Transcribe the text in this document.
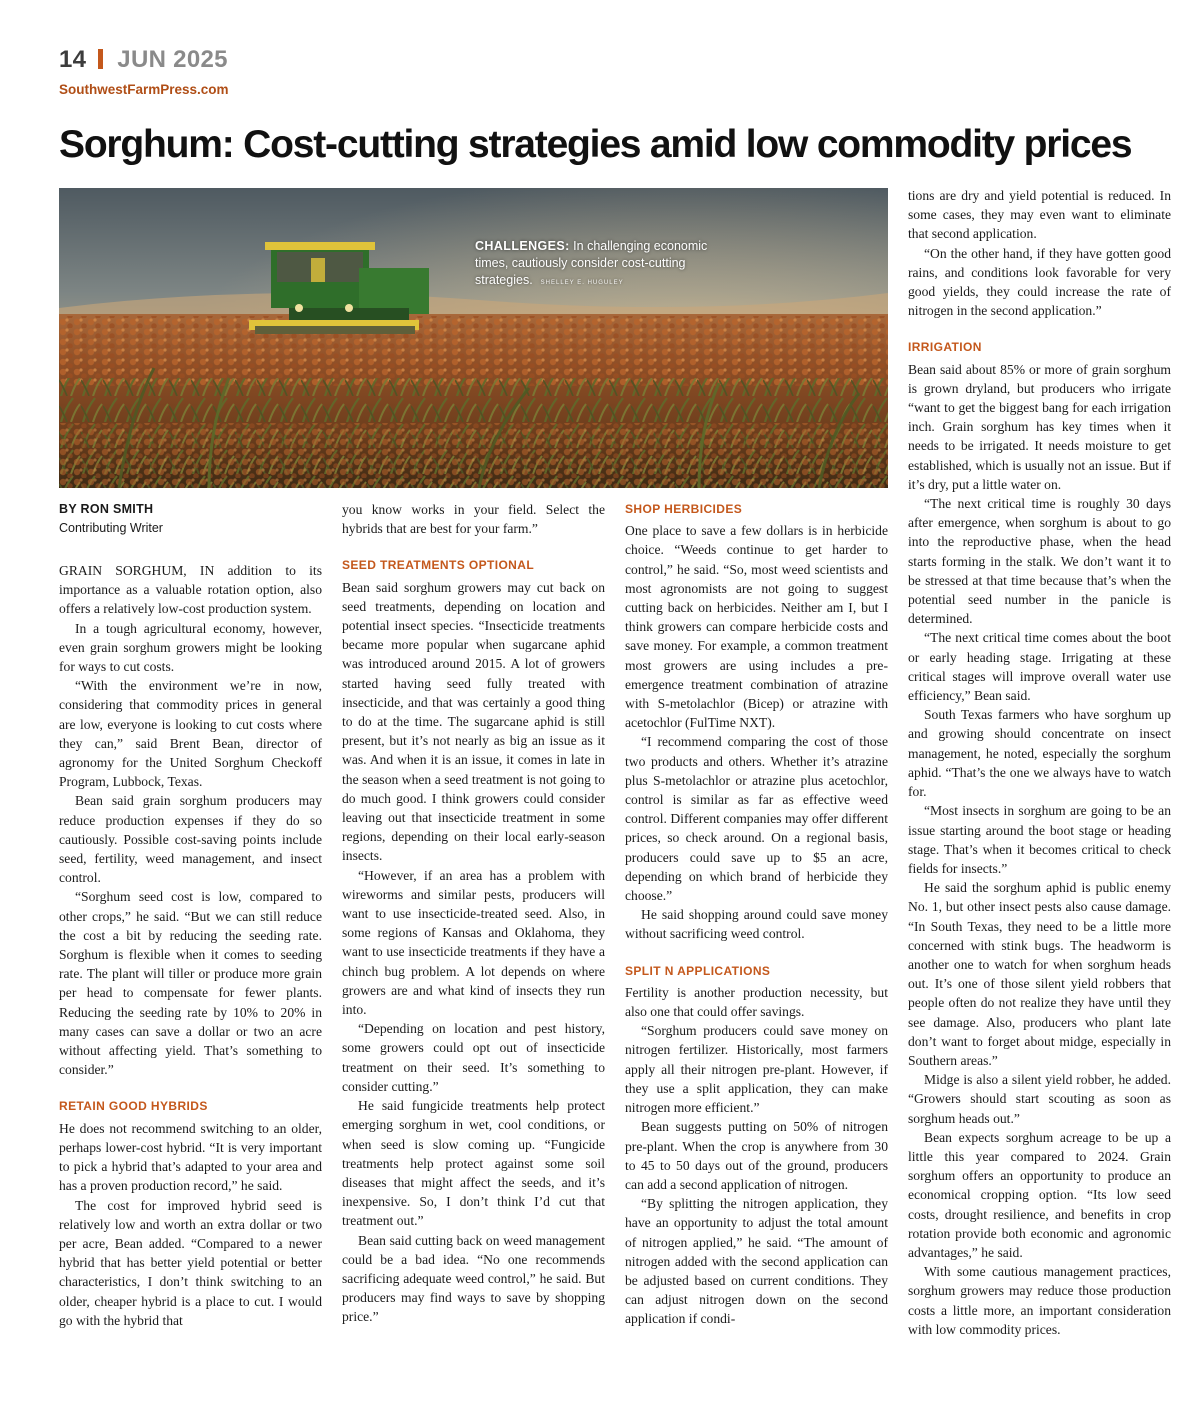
14 JUN 2025
SouthwestFarmPress.com
Sorghum: Cost-cutting strategies amid low commodity prices
CHALLENGES: In challenging economic times, cautiously consider cost-cutting strategies. SHELLEY E. HUGULEY
BY RON SMITH
Contributing Writer

GRAIN SORGHUM, IN addition to its importance as a valuable rotation option, also offers a relatively low-cost production system.

In a tough agricultural economy, however, even grain sorghum growers might be looking for ways to cut costs.

“With the environment we’re in now, considering that commodity prices in general are low, everyone is looking to cut costs where they can,” said Brent Bean, director of agronomy for the United Sorghum Checkoff Program, Lubbock, Texas.

Bean said grain sorghum producers may reduce production expenses if they do so cautiously. Possible cost-saving points include seed, fertility, weed management, and insect control.

“Sorghum seed cost is low, compared to other crops,” he said. “But we can still reduce the cost a bit by reducing the seeding rate. Sorghum is flexible when it comes to seeding rate. The plant will tiller or produce more grain per head to compensate for fewer plants. Reducing the seeding rate by 10% to 20% in many cases can save a dollar or two an acre without affecting yield. That’s something to consider.”

RETAIN GOOD HYBRIDS

He does not recommend switching to an older, perhaps lower-cost hybrid. “It is very important to pick a hybrid that’s adapted to your area and has a proven production record,” he said.

The cost for improved hybrid seed is relatively low and worth an extra dollar or two per acre, Bean added. “Compared to a newer hybrid that has better yield potential or better characteristics, I don’t think switching to an older, cheaper hybrid is a place to cut. I would go with the hybrid that

you know works in your field. Select the hybrids that are best for your farm.”

SEED TREATMENTS OPTIONAL

Bean said sorghum growers may cut back on seed treatments, depending on location and potential insect species. “Insecticide treatments became more popular when sugarcane aphid was introduced around 2015. A lot of growers started having seed fully treated with insecticide, and that was certainly a good thing to do at the time. The sugarcane aphid is still present, but it’s not nearly as big an issue as it was. And when it is an issue, it comes in late in the season when a seed treatment is not going to do much good. I think growers could consider leaving out that insecticide treatment in some regions, depending on their local early-season insects.

“However, if an area has a problem with wireworms and similar pests, producers will want to use insecticide-treated seed. Also, in some regions of Kansas and Oklahoma, they want to use insecticide treatments if they have a chinch bug problem. A lot depends on where growers are and what kind of insects they run into.

“Depending on location and pest history, some growers could opt out of insecticide treatment on their seed. It’s something to consider cutting.”

He said fungicide treatments help protect emerging sorghum in wet, cool conditions, or when seed is slow coming up. “Fungicide treatments help protect against some soil diseases that might affect the seeds, and it’s inexpensive. So, I don’t think I’d cut that treatment out.”

Bean said cutting back on weed management could be a bad idea. “No one recommends sacrificing adequate weed control,” he said. But producers may find ways to save by shopping price.”

SHOP HERBICIDES

One place to save a few dollars is in herbicide choice. “Weeds continue to get harder to control,” he said. “So, most weed scientists and most agronomists are not going to suggest cutting back on herbicides. Neither am I, but I think growers can compare herbicide costs and save money. For example, a common treatment most growers are using includes a pre-emergence treatment combination of atrazine with S-metolachlor (Bicep) or atrazine with acetochlor (FulTime NXT).

“I recommend comparing the cost of those two products and others. Whether it’s atrazine plus S-metolachlor or atrazine plus acetochlor, control is similar as far as effective weed control. Different companies may offer different prices, so check around. On a regional basis, producers could save up to $5 an acre, depending on which brand of herbicide they choose.”

He said shopping around could save money without sacrificing weed control.

SPLIT N APPLICATIONS

Fertility is another production necessity, but also one that could offer savings.

“Sorghum producers could save money on nitrogen fertilizer. Historically, most farmers apply all their nitrogen pre-plant. However, if they use a split application, they can make nitrogen more efficient.”

Bean suggests putting on 50% of nitrogen pre-plant. When the crop is anywhere from 30 to 45 to 50 days out of the ground, producers can add a second application of nitrogen.

“By splitting the nitrogen application, they have an opportunity to adjust the total amount of nitrogen applied,” he said. “The amount of nitrogen added with the second application can be adjusted based on current conditions. They can adjust nitrogen down on the second application if condi-

tions are dry and yield potential is reduced. In some cases, they may even want to eliminate that second application.

“On the other hand, if they have gotten good rains, and conditions look favorable for very good yields, they could increase the rate of nitrogen in the second application.”

IRRIGATION

Bean said about 85% or more of grain sorghum is grown dryland, but producers who irrigate “want to get the biggest bang for each irrigation inch. Grain sorghum has key times when it needs to be irrigated. It needs moisture to get established, which is usually not an issue. But if it’s dry, put a little water on.

“The next critical time is roughly 30 days after emergence, when sorghum is about to go into the reproductive phase, when the head starts forming in the stalk. We don’t want it to be stressed at that time because that’s when the potential seed number in the panicle is determined.

“The next critical time comes about the boot or early heading stage. Irrigating at these critical stages will improve overall water use efficiency,” Bean said.

South Texas farmers who have sorghum up and growing should concentrate on insect management, he noted, especially the sorghum aphid. “That’s the one we always have to watch for.

“Most insects in sorghum are going to be an issue starting around the boot stage or heading stage. That’s when it becomes critical to check fields for insects.”

He said the sorghum aphid is public enemy No. 1, but other insect pests also cause damage. “In South Texas, they need to be a little more concerned with stink bugs. The headworm is another one to watch for when sorghum heads out. It’s one of those silent yield robbers that people often do not realize they have until they see damage. Also, producers who plant late don’t want to forget about midge, especially in Southern areas.”

Midge is also a silent yield robber, he added. “Growers should start scouting as soon as sorghum heads out.”

Bean expects sorghum acreage to be up a little this year compared to 2024. Grain sorghum offers an opportunity to produce an economical cropping option. “Its low seed costs, drought resilience, and benefits in crop rotation provide both economic and agronomic advantages,” he said.

With some cautious management practices, sorghum growers may reduce those production costs a little more, an important consideration with low commodity prices.
